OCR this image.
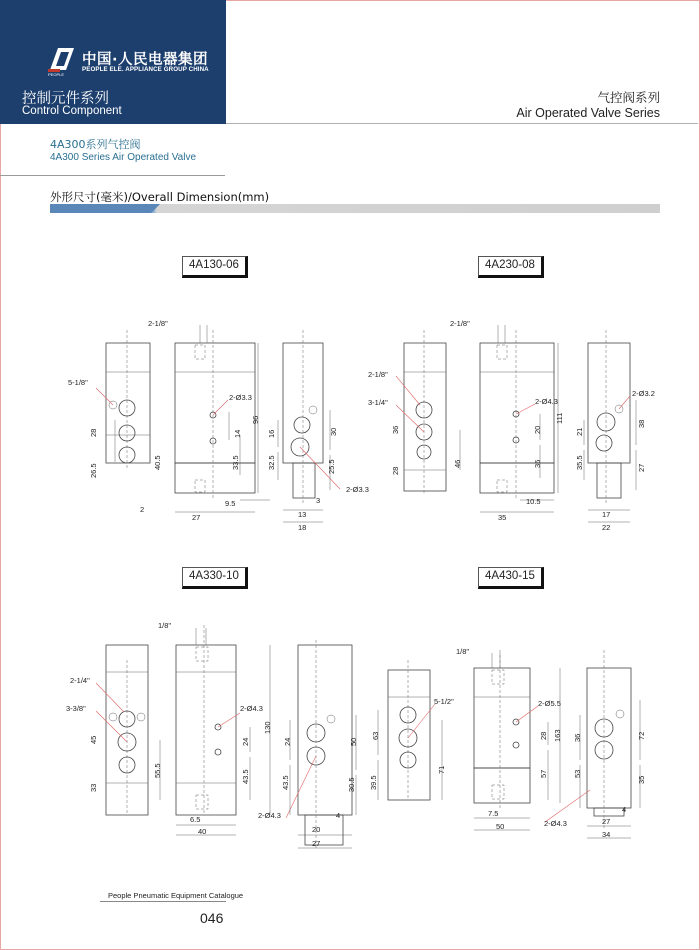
PEOPLE
中国·人民电器集团
PEOPLE ELE. APPLIANCE GROUP CHINA
控制元件系列
Control Component
气控阀系列
Air Operated Valve Series
4A300系列气控阀
4A300 Series Air Operated Valve
外形尺寸(毫米)/Overall Dimension(mm)
4A130-06	4A230-08
4A330-10	4A430-15
2-1/8"
5-1/8"
2-Ø3.3
2-Ø3.3
28
26.5
40.5
2
96
14
33.5
27
9.5
16
32.5
30
25.5
3
13
18
2-1/8"
2-1/8"
3-1/4"	2-Ø4.3
2-Ø3.2
36
28
46
111
20
36
10.5
35
21
35.5
38
27
17
22
1/8"
2-1/4"
3-3/8"	2-Ø4.3
2-Ø4.3
45
33
55.5
130
24
43.5
6.5
40
24
43.5
50
30.5
4
20
27
1/8"
5-1/2"	2-Ø5.5
2-Ø4.3
63
39.5
71
163
28
57
7.5
50
36
53
72
35
4
27
34
People Pneumatic Equipment Catalogue
046
